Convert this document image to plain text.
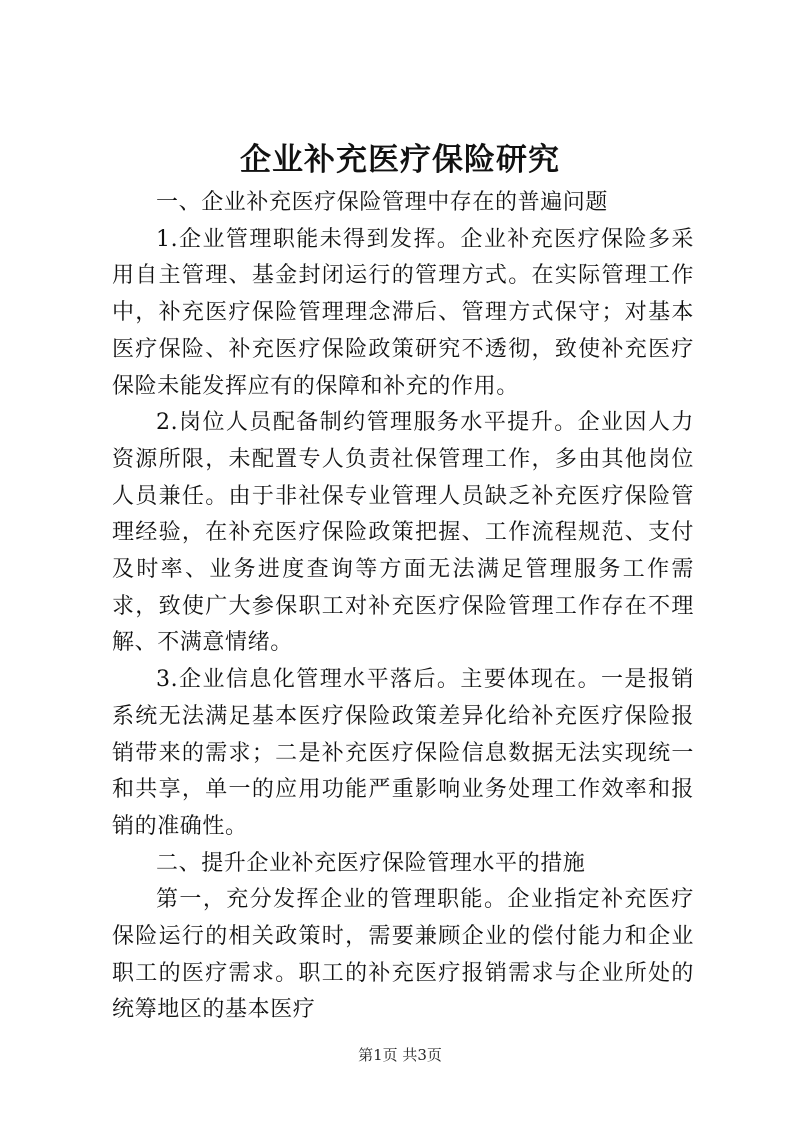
企业补充医疗保险研究

一、企业补充医疗保险管理中存在的普遍问题

1.企业管理职能未得到发挥。企业补充医疗保险多采用自主管理、基金封闭运行的管理方式。在实际管理工作中，补充医疗保险管理理念滞后、管理方式保守；对基本医疗保险、补充医疗保险政策研究不透彻，致使补充医疗保险未能发挥应有的保障和补充的作用。

2.岗位人员配备制约管理服务水平提升。企业因人力资源所限，未配置专人负责社保管理工作，多由其他岗位人员兼任。由于非社保专业管理人员缺乏补充医疗保险管理经验，在补充医疗保险政策把握、工作流程规范、支付及时率、业务进度查询等方面无法满足管理服务工作需求，致使广大参保职工对补充医疗保险管理工作存在不理解、不满意情绪。

3.企业信息化管理水平落后。主要体现在。一是报销系统无法满足基本医疗保险政策差异化给补充医疗保险报销带来的需求；二是补充医疗保险信息数据无法实现统一和共享，单一的应用功能严重影响业务处理工作效率和报销的准确性。

二、提升企业补充医疗保险管理水平的措施

第一，充分发挥企业的管理职能。企业指定补充医疗保险运行的相关政策时，需要兼顾企业的偿付能力和企业职工的医疗需求。职工的补充医疗报销需求与企业所处的统筹地区的基本医疗

第1页 共3页
